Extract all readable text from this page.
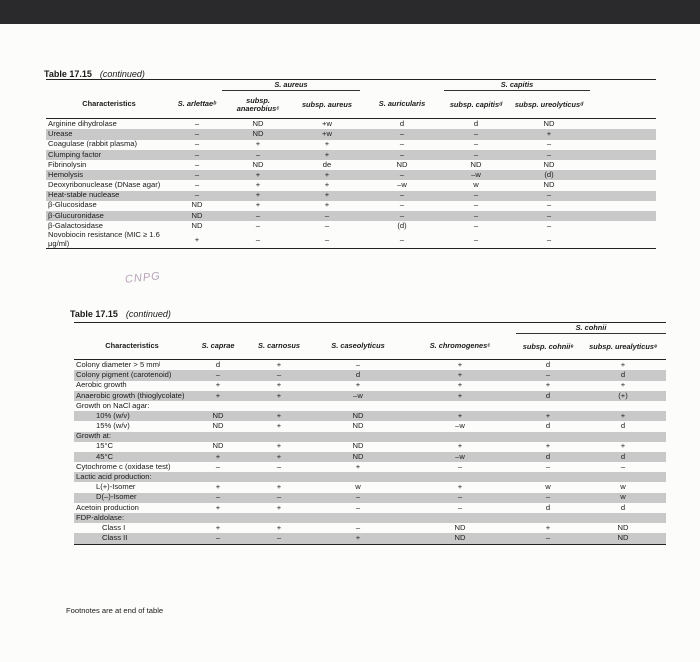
Table 17.15 (continued)
		S. aureus			S. capitis		
Characteristics	S. arlettaeᵇ	subsp. anaerobiusᶜ	subsp. aureus	S. auricularis	subsp. capitisᵈ	subsp. ureolyticusᵈ	
Arginine dihydrolase	–	ND	+w	d	d	ND	
Urease	–	ND	+w	–	–	+	
Coagulase (rabbit plasma)	–	+	+	–	–	–	
Clumping factor	–	–	+	–	–	–	
Fibrinolysin	–	ND	de	ND	ND	ND	
Hemolysis	–	+	+	–	–w	(d)	
Deoxyribonuclease (DNase agar)	–	+	+	–w	w	ND	
Heat-stable nuclease	–	+	+	–	–	–	
β-Glucosidase	ND	+	+	–	–	–	
β-Glucuronidase	ND	–	–	–	–	–	
β-Galactosidase	ND	–	–	(d)	–	–	
Novobiocin resistance (MIC ≥ 1.6 μg/ml)	+	–	–	–	–	–	
CNPG
Table 17.15 (continued)
					S. cohnii	
Characteristics	S. caprae	S. carnosus	S. caseolyticus	S. chromogenesᶜ	subsp. cohniiᵉ	subsp. urealyticusᵉ
Colony diameter > 5 mmʲ	d	+	–	+	d	+
Colony pigment (carotenoid)	–	–	d	+	–	d
Aerobic growth	+	+	+	+	+	+
Anaerobic growth (thioglycolate)	+	+	–w	+	d	(+)
Growth on NaCl agar:						
10% (w/v)	ND	+	ND	+	+	+
15% (w/v)	ND	+	ND	–w	d	d
Growth at:						
15°C	ND	+	ND	+	+	+
45°C	+	+	ND	–w	d	d
Cytochrome c (oxidase test)	–	–	+	–	–	–
Lactic acid production:						
L(+)-Isomer	+	+	w	+	w	w
D(–)-Isomer	–	–	–	–	–	w
Acetoin production	+	+	–	–	d	d
FDP-aldolase:						
Class I	+	+	–	ND	+	ND
Class II	–	–	+	ND	–	ND
Footnotes are at end of table
